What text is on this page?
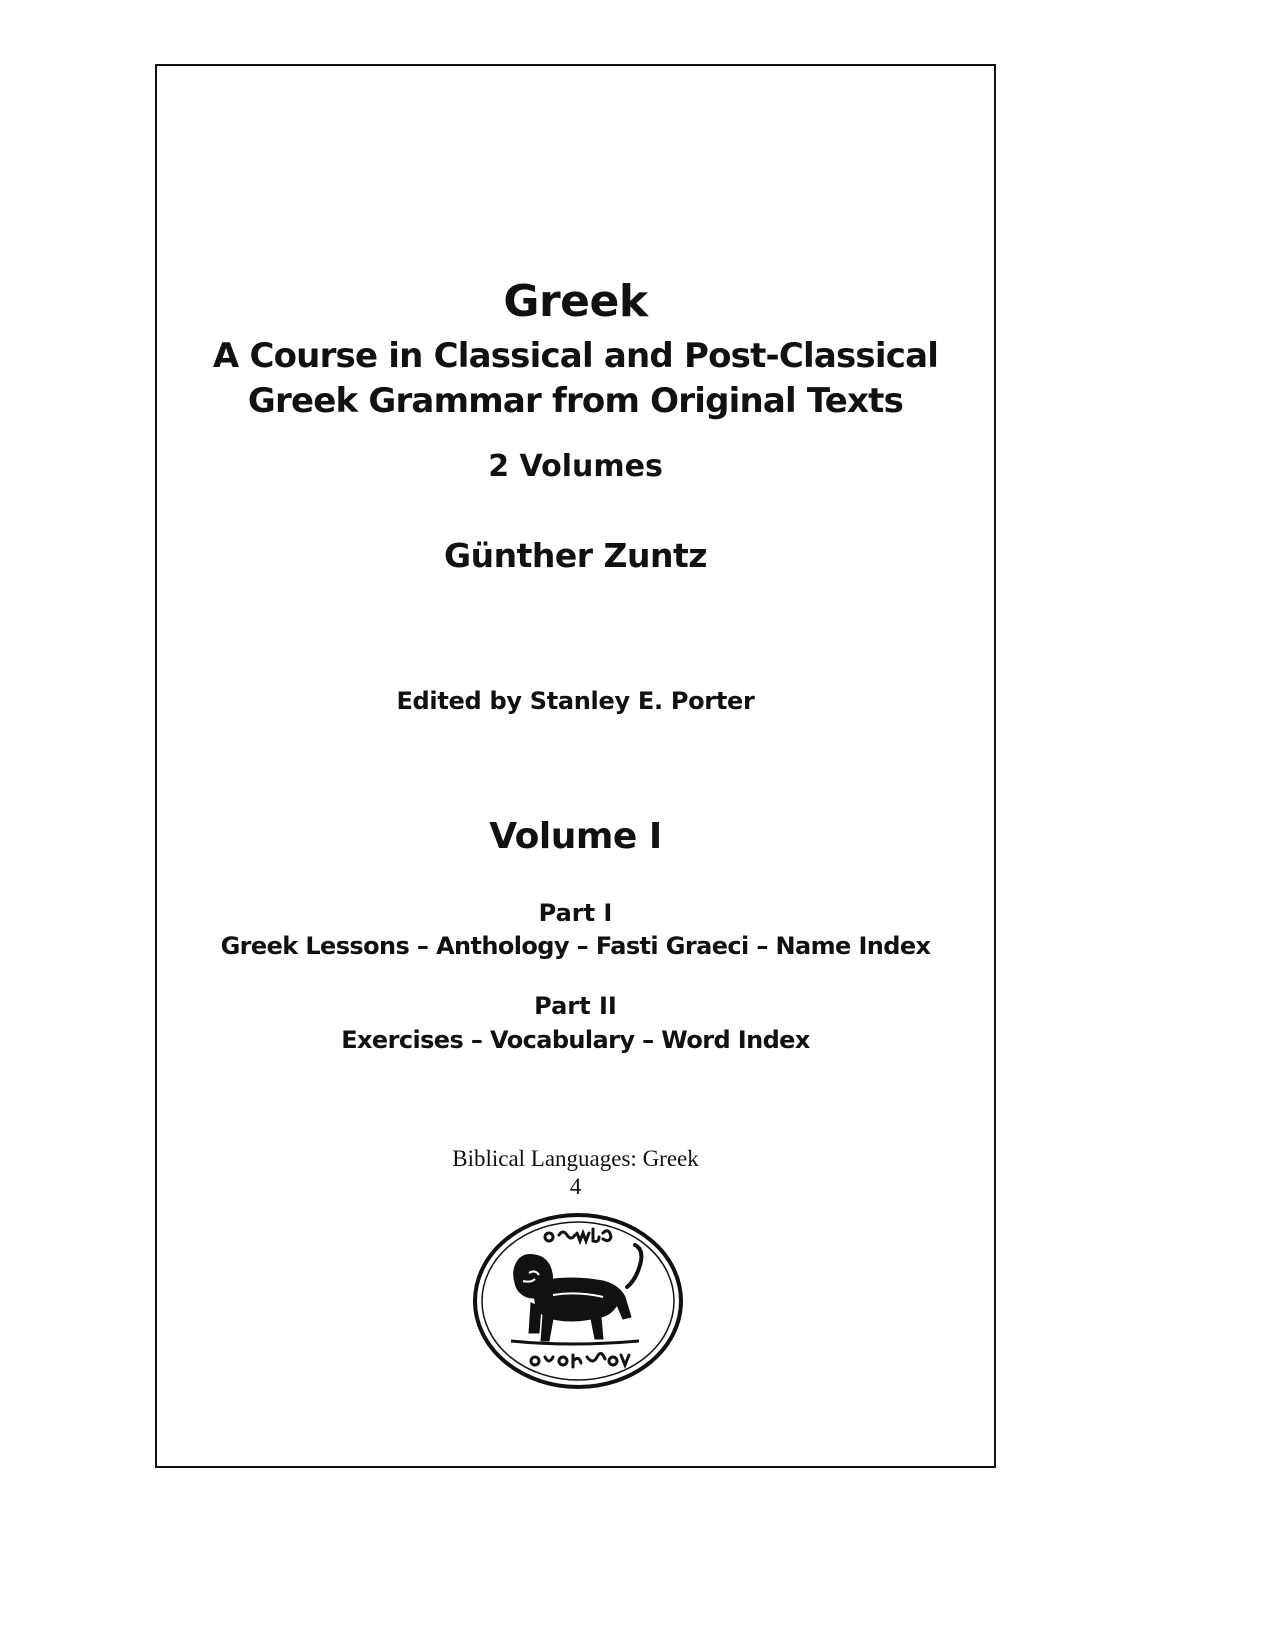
Greek
A Course in Classical and Post-Classical
Greek Grammar from Original Texts
2 Volumes
Günther Zuntz
Edited by Stanley E. Porter
Volume I
Part I
Greek Lessons – Anthology – Fasti Graeci – Name Index
Part II
Exercises – Vocabulary – Word Index
Biblical Languages: Greek
4
